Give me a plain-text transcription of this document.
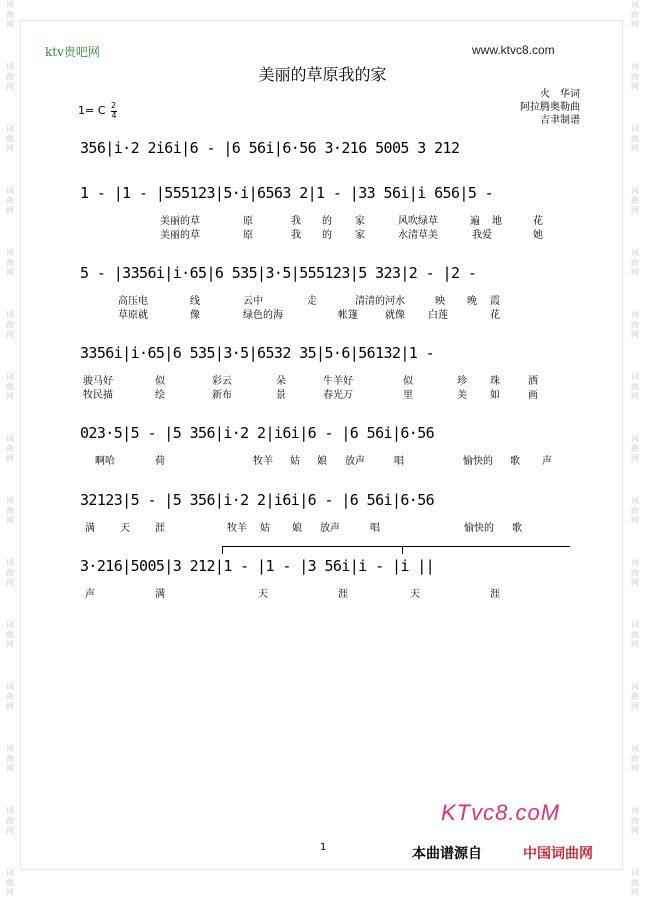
词曲网
词曲网
词曲网
词曲网
词曲网
词曲网
词曲网
词曲网
词曲网
词曲网
词曲网
词曲网
词曲网
词曲网
词曲网
词曲网
词曲网
词曲网
词曲网
词曲网
词曲网
词曲网
词曲网
词曲网
词曲网
词曲网
词曲网
词曲网
词曲网
词曲网
ktv贵吧网	www.ktvc8.com
美丽的草原我的家
火　华词
阿拉腾奥勒曲
吉聿制谱
1= C 2
4
356|i·2 2i6i|6 - |6 56i|6·56 3·216 5005 3 212
1 - |1 - |555123|5·i|6563 2|1 - |33 56i|i 656|5 -
美丽的草	原	我 的 家	风吹绿草	遍 地	花
美丽的草	原	我 的 家	水清草美	我爱	她
5 - |3356i|i·65|6 535|3·5|555123|5 323|2 - |2 -
高压电	线	云中	走	清清的河水	映 晚 霞
草原就	像	绿色的海	帐篷	就像 白莲	花
3356i|i·65|6 535|3·5|6532 35|5·6|56132|1 -
骏马好	似	彩云	朵	牛羊好	似	珍 珠	洒
牧民描	绘	新布	景	春光万	里	美 如	画
023·5|5 - |5 356|i·2 2|i6i|6 - |6 56i|6·56
啊哈	荷	牧羊 姑 娘 放声	唱	愉快的 歌 声
32123|5 - |5 356|i·2 2|i6i|6 - |6 56i|6·56
满	天	涯	牧羊 姑 娘 放声	唱	愉快的 歌
3·216|5005|3 212|1 - |1 - |3 56i|i - |i ||
声	满	天	涯	天	涯
1
KTvc8.coM
本曲谱源自	中国词曲网
